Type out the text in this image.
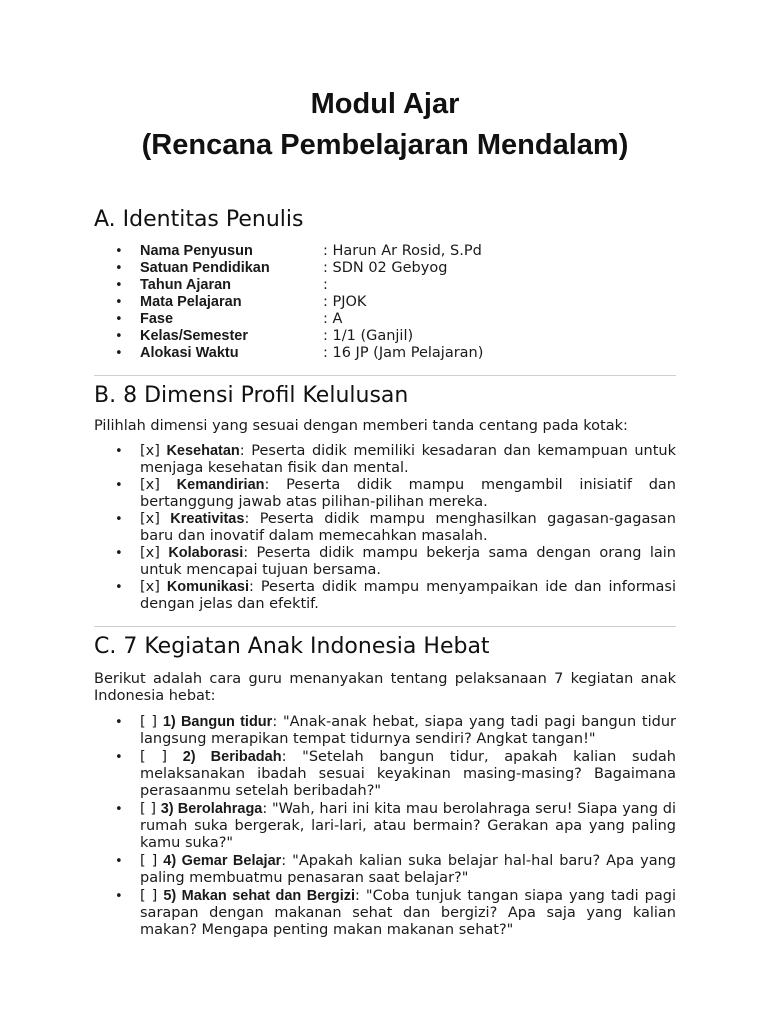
Modul Ajar
(Rencana Pembelajaran Mendalam)
A. Identitas Penulis
• Nama Penyusun	: Harun Ar Rosid, S.Pd
• Satuan Pendidikan	: SDN 02 Gebyog
• Tahun Ajaran	:
• Mata Pelajaran	: PJOK
• Fase	: A
• Kelas/Semester	: 1/1 (Ganjil)
• Alokasi Waktu	: 16 JP (Jam Pelajaran)
B. 8 Dimensi Profil Kelulusan

Pilihlah dimensi yang sesuai dengan memberi tanda centang pada kotak:

• [x] Kesehatan: Peserta didik memiliki kesadaran dan kemampuan untuk menjaga kesehatan fisik dan mental.
• [x] Kemandirian: Peserta didik mampu mengambil inisiatif dan bertanggung jawab atas pilihan-pilihan mereka.
• [x] Kreativitas: Peserta didik mampu menghasilkan gagasan-gagasan baru dan inovatif dalam memecahkan masalah.
• [x] Kolaborasi: Peserta didik mampu bekerja sama dengan orang lain untuk mencapai tujuan bersama.
• [x] Komunikasi: Peserta didik mampu menyampaikan ide dan informasi dengan jelas dan efektif.
C. 7 Kegiatan Anak Indonesia Hebat

Berikut adalah cara guru menanyakan tentang pelaksanaan 7 kegiatan anak Indonesia hebat:

• [ ] 1) Bangun tidur: "Anak-anak hebat, siapa yang tadi pagi bangun tidur langsung merapikan tempat tidurnya sendiri? Angkat tangan!"
• [ ] 2) Beribadah: "Setelah bangun tidur, apakah kalian sudah melaksanakan ibadah sesuai keyakinan masing-masing? Bagaimana perasaanmu setelah beribadah?"
• [ ] 3) Berolahraga: "Wah, hari ini kita mau berolahraga seru! Siapa yang di rumah suka bergerak, lari-lari, atau bermain? Gerakan apa yang paling kamu suka?"
• [ ] 4) Gemar Belajar: "Apakah kalian suka belajar hal-hal baru? Apa yang paling membuatmu penasaran saat belajar?"
• [ ] 5) Makan sehat dan Bergizi: "Coba tunjuk tangan siapa yang tadi pagi sarapan dengan makanan sehat dan bergizi? Apa saja yang kalian makan? Mengapa penting makan makanan sehat?"
